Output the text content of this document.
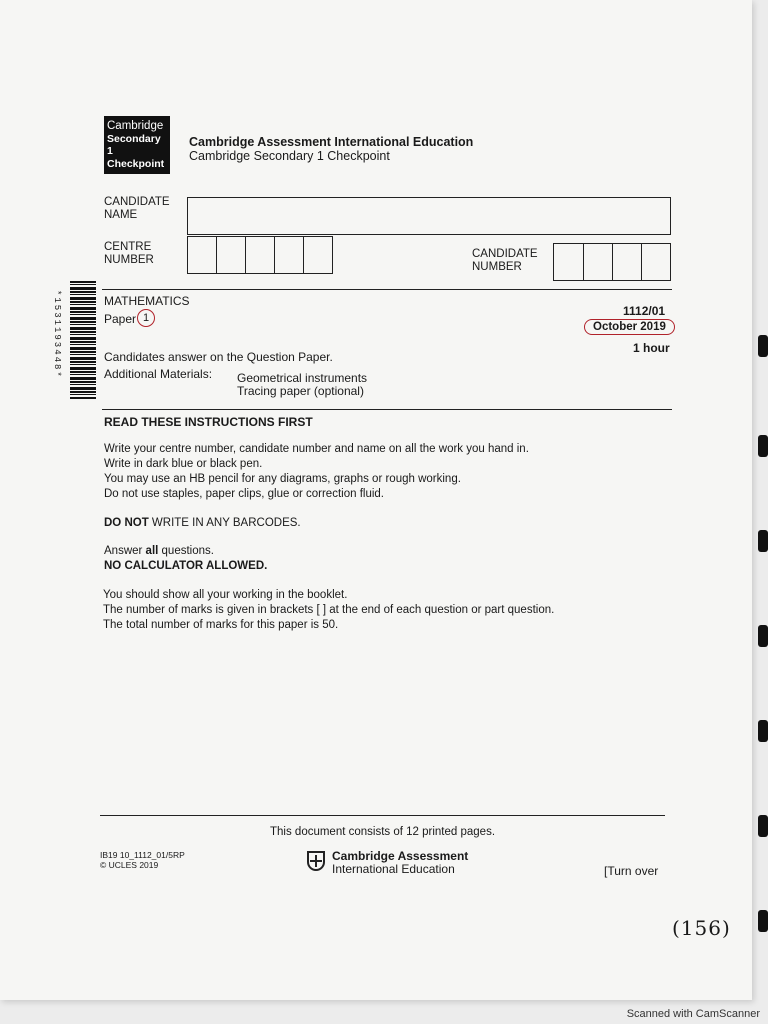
Cambridge
Secondary 1
Checkpoint
Cambridge Assessment International Education
Cambridge Secondary 1 Checkpoint
CANDIDATE
NAME
CENTRE
NUMBER	CANDIDATE
NUMBER
*1531193448*	MATHEMATICS
Paper 1	1112/01
October 2019
1 hour
Candidates answer on the Question Paper.
Additional Materials: Geometrical instruments
Tracing paper (optional)
READ THESE INSTRUCTIONS FIRST
Write your centre number, candidate number and name on all the work you hand in.
Write in dark blue or black pen.
You may use an HB pencil for any diagrams, graphs or rough working.
Do not use staples, paper clips, glue or correction fluid.
DO NOT WRITE IN ANY BARCODES.
Answer all questions.
NO CALCULATOR ALLOWED.
You should show all your working in the booklet.
The number of marks is given in brackets [ ] at the end of each question or part question.
The total number of marks for this paper is 50.
This document consists of 12 printed pages.
IB19 10_1112_01/5RP
© UCLES 2019
Cambridge Assessment
International Education	[Turn over
(156)
Scanned with CamScanner
